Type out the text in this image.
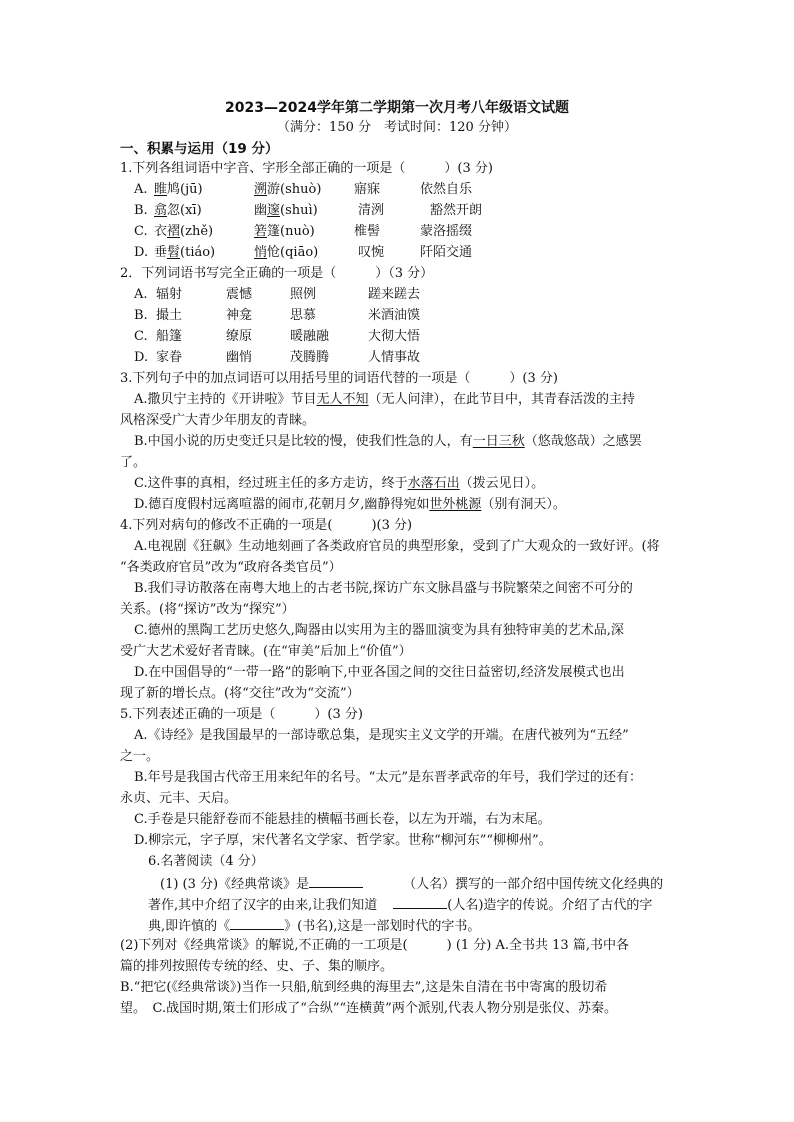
2023—2024学年第二学期第一次月考八年级语文试题
（满分：150 分　考试时间：120 分钟）
一、积累与运用（19 分）
1.下列各组词语中字音、字形全部正确的一项是（　　　）(3 分)
A. 睢鸠(jū)	溯游(shuò)	寤寐	依然自乐
B. 翕忽(xī)	幽邃(shuì)	清洌	豁然开朗
C. 衣褶(zhě)	箬篷(nuò)	椎髻	蒙洛摇缀
D. 垂髫(tiáo)	悄怆(qiāo)	叹惋	阡陌交通
2．下列词语书写完全正确的一项是（　　　）（3 分）
A. 辐射	震憾	照例	蹉来蹉去
B. 撮土	神龛	思慕	米酒油馍
C. 船篷	缭原	暖融融	大彻大悟
D. 家眷	幽悄	茂腾腾	人情事故
3.下列句子中的加点词语可以用括号里的词语代替的一项是（　　　）(3 分)
A.撒贝宁主持的《开讲啦》节目无人不知（无人问津），在此节目中，其青春活泼的主持
风格深受广大青少年朋友的青睐。
B.中国小说的历史变迁只是比较的慢，使我们性急的人，有一日三秋（悠哉悠哉）之感罢
了。
C.这件事的真相，经过班主任的多方走访，终于水落石出（拨云见日）。
D.德百度假村远离喧嚣的闹市,花朝月夕,幽静得宛如世外桃源（别有洞天）。
4.下列对病句的修改不正确的一项是(　　　)(3 分)
A.电视剧《狂飙》生动地刻画了各类政府官员的典型形象，受到了广大观众的一致好评。(将
“各类政府官员”改为“政府各类官员”）
B.我们寻访散落在南粤大地上的古老书院,探访广东文脉昌盛与书院繁荣之间密不可分的
关系。(将“探访”改为“探究”）
C.德州的黑陶工艺历史悠久,陶器由以实用为主的器皿演变为具有独特审美的艺术品,深
受广大艺术爱好者青睐。(在“审美”后加上“价值”）
D.在中国倡导的“一带一路”的影响下,中亚各国之间的交往日益密切,经济发展模式也出
现了新的增长点。(将“交往”改为“交流”）
5.下列表述正确的一项是（　　　）(3 分)
A.《诗经》是我国最早的一部诗歌总集，是现实主义文学的开端。在唐代被列为“五经”
之一。
B.年号是我国古代帝王用来纪年的名号。“太元”是东晋孝武帝的年号，我们学过的还有：
永贞、元丰、天启。
C.手卷是只能舒卷而不能悬挂的横幅书画长卷，以左为开端，右为末尾。
D.柳宗元，字子厚，宋代著名文学家、哲学家。世称“柳河东”“柳柳州”。
6.名著阅读（4 分）
(1) (3 分)《经典常谈》是	（人名）撰写的一部介绍中国传统文化经典的
著作,其中介绍了汉字的由来,让我们知道	(人名)造字的传说。介绍了古代的字
典,即许慎的《	》(书名),这是一部划时代的字书。
(2)下列对《经典常谈》的解说,不正确的一工项是(　　　) (1 分) A.全书共 13 篇,书中各
篇的排列按照传专统的经、史、子、集的顺序。
B.“把它(《经典常谈》)当作一只船,航到经典的海里去”,这是朱自清在书中寄寓的殷切希
望。　C.战国时期,策士们形成了“合纵”“连横黄”两个派别,代表人物分别是张仪、苏秦。
